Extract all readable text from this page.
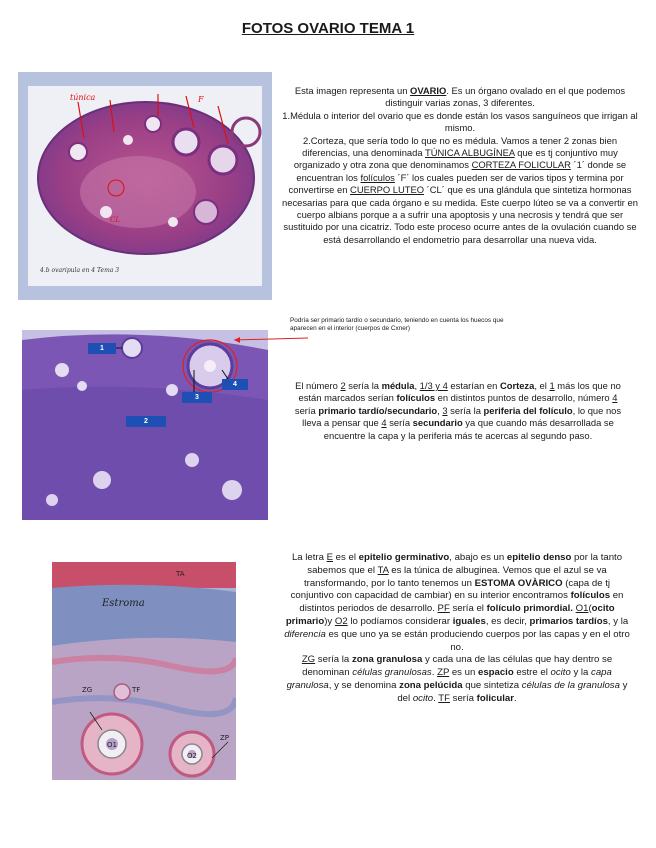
FOTOS OVARIO TEMA 1
túnica	F
CL
4.b ovaripula en 4 Tema 3
Esta imagen representa un OVARIO. Es un órgano ovalado en el que podemos distinguir varias zonas, 3 diferentes.
1.Médula o interior del ovario que es donde están los vasos sanguíneos que irrigan al mismo.
2.Corteza, que sería todo lo que no es médula. Vamos a tener 2 zonas bien diferencias, una denominada TÚNICA ALBUGÍNEA que es tj conjuntivo muy organizado y otra zona que denominamos CORTEZA FOLICULAR ´1´ donde se encuentran los folículos ´F´ los cuales pueden ser de varios tipos y termina por convertirse en CUERPO LUTEO ´CL´ que es una glándula que sintetiza hormonas necesarias para que cada órgano e su medida. Este cuerpo lúteo se va a convertir en cuerpo albians porque a a sufrir una apoptosis y una necrosis y tendrá que ser sustituido por una cicatriz. Todo este proceso ocurre antes de la ovulación cuando se está desarrollando el endometrio para desarrollar una nueva vida.
1
2
3
4
Podría ser primario tardío o secundario, teniendo en cuenta los huecos que aparecen en el interior (cuerpos de Cxner)
El número 2 sería la médula, 1/3 y 4 estarían en Corteza, el 1 más los que no están marcados serían folículos en distintos puntos de desarrollo, número 4 sería primario tardío/secundario, 3 sería la periferia del folículo, lo que nos lleva a pensar que 4 sería secundario ya que cuando más desarrollada se encuentre la capa y la periferia más te acercas al segundo paso.
TA
Estroma
ZG
O1
O2
TF
ZP
La letra E es el epitelio germinativo, abajo es un epitelio denso por la tanto sabemos que el TA es la túnica de albuginea. Vemos que el azul se va transformando, por lo tanto tenemos un ESTOMA OVÀRICO (capa de tj conjuntivo con capacidad de cambiar) en su interior encontramos folículos en distintos periodos de desarrollo. PF sería el folículo primordial. O1(ocito primario)y O2 lo podíamos considerar iguales, es decir, primarios tardíos, y la diferencia es que uno ya se están produciendo cuerpos por las capas y en el otro no.
ZG sería la zona granulosa y cada una de las células que hay dentro se denominan células granulosas. ZP es un espacio estre el ocito y la capa granulosa, y se denomina zona pelúcida que sintetiza células de la granulosa y del ocito. TF sería folicular.
